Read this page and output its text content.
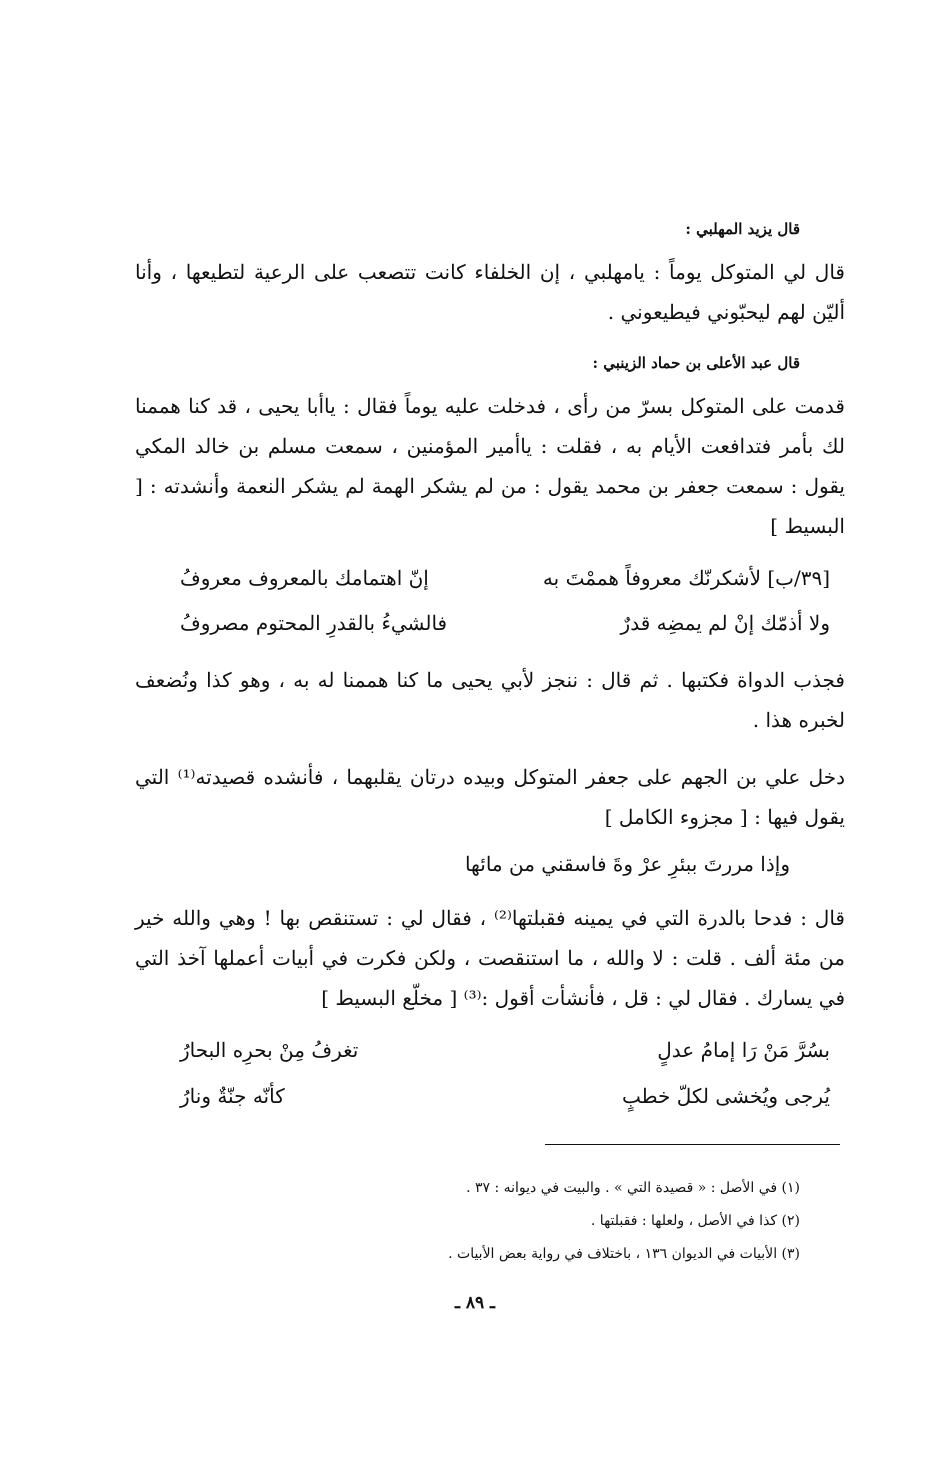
قال يزيد المهلبي :

قال لي المتوكل يوماً : يامهلبي ، إن الخلفاء كانت تتصعب على الرعية لتطيعها ، وأنا أليّن لهم ليحبّوني فيطيعوني .

قال عبد الأعلى بن حماد الزينبي :

قدمت على المتوكل بسرّ من رأى ، فدخلت عليه يوماً فقال : ياأبا يحيى ، قد كنا هممنا لك بأمر فتدافعت الأيام به ، فقلت : ياأمير المؤمنين ، سمعت مسلم بن خالد المكي يقول : سمعت جعفر بن محمد يقول : من لم يشكر الهمة لم يشكر النعمة وأنشدته : [ البسيط ]

[٣٩/ب] لأشكرنّك معروفاً هممْتَ به
إنّ اهتمامك بالمعروف معروفُ
ولا أذمّك إنْ لم يمضِه قدرٌ
فالشيءُ بالقدرِ المحتوم مصروفُ

فجذب الدواة فكتبها . ثم قال : ننجز لأبي يحيى ما كنا هممنا له به ، وهو كذا ونُضعف لخبره هذا .

دخل علي بن الجهم على جعفر المتوكل وبيده درتان يقلبهما ، فأنشده قصيدته⁽¹⁾ التي يقول فيها : [ مجزوء الكامل ]

وإذا مررتَ ببئرِ عرْ وةَ فاسقني من مائها

قال : فدحا بالدرة التي في يمينه فقبلتها⁽²⁾ ، فقال لي : تستنقص بها ! وهي والله خير من مئة ألف . قلت : لا والله ، ما استنقصت ، ولكن فكرت في أبيات أعملها آخذ التي في يسارك . فقال لي : قل ، فأنشأت أقول :⁽³⁾ [ مخلّع البسيط ]

بسُرَّ مَنْ رَا إمامُ عدلٍ
تغرفُ مِنْ بحرِه البحارُ
يُرجى ويُخشى لكلّ خطبٍ
كأنّه جنّةٌ ونارُ
(١) في الأصل : « قصيدة التي » . والبيت في ديوانه : ٣٧ .
(٢) كذا في الأصل ، ولعلها : فقبلتها .
(٣) الأبيات في الديوان ١٣٦ ، باختلاف في رواية بعض الأبيات .
ـ ٨٩ ـ
